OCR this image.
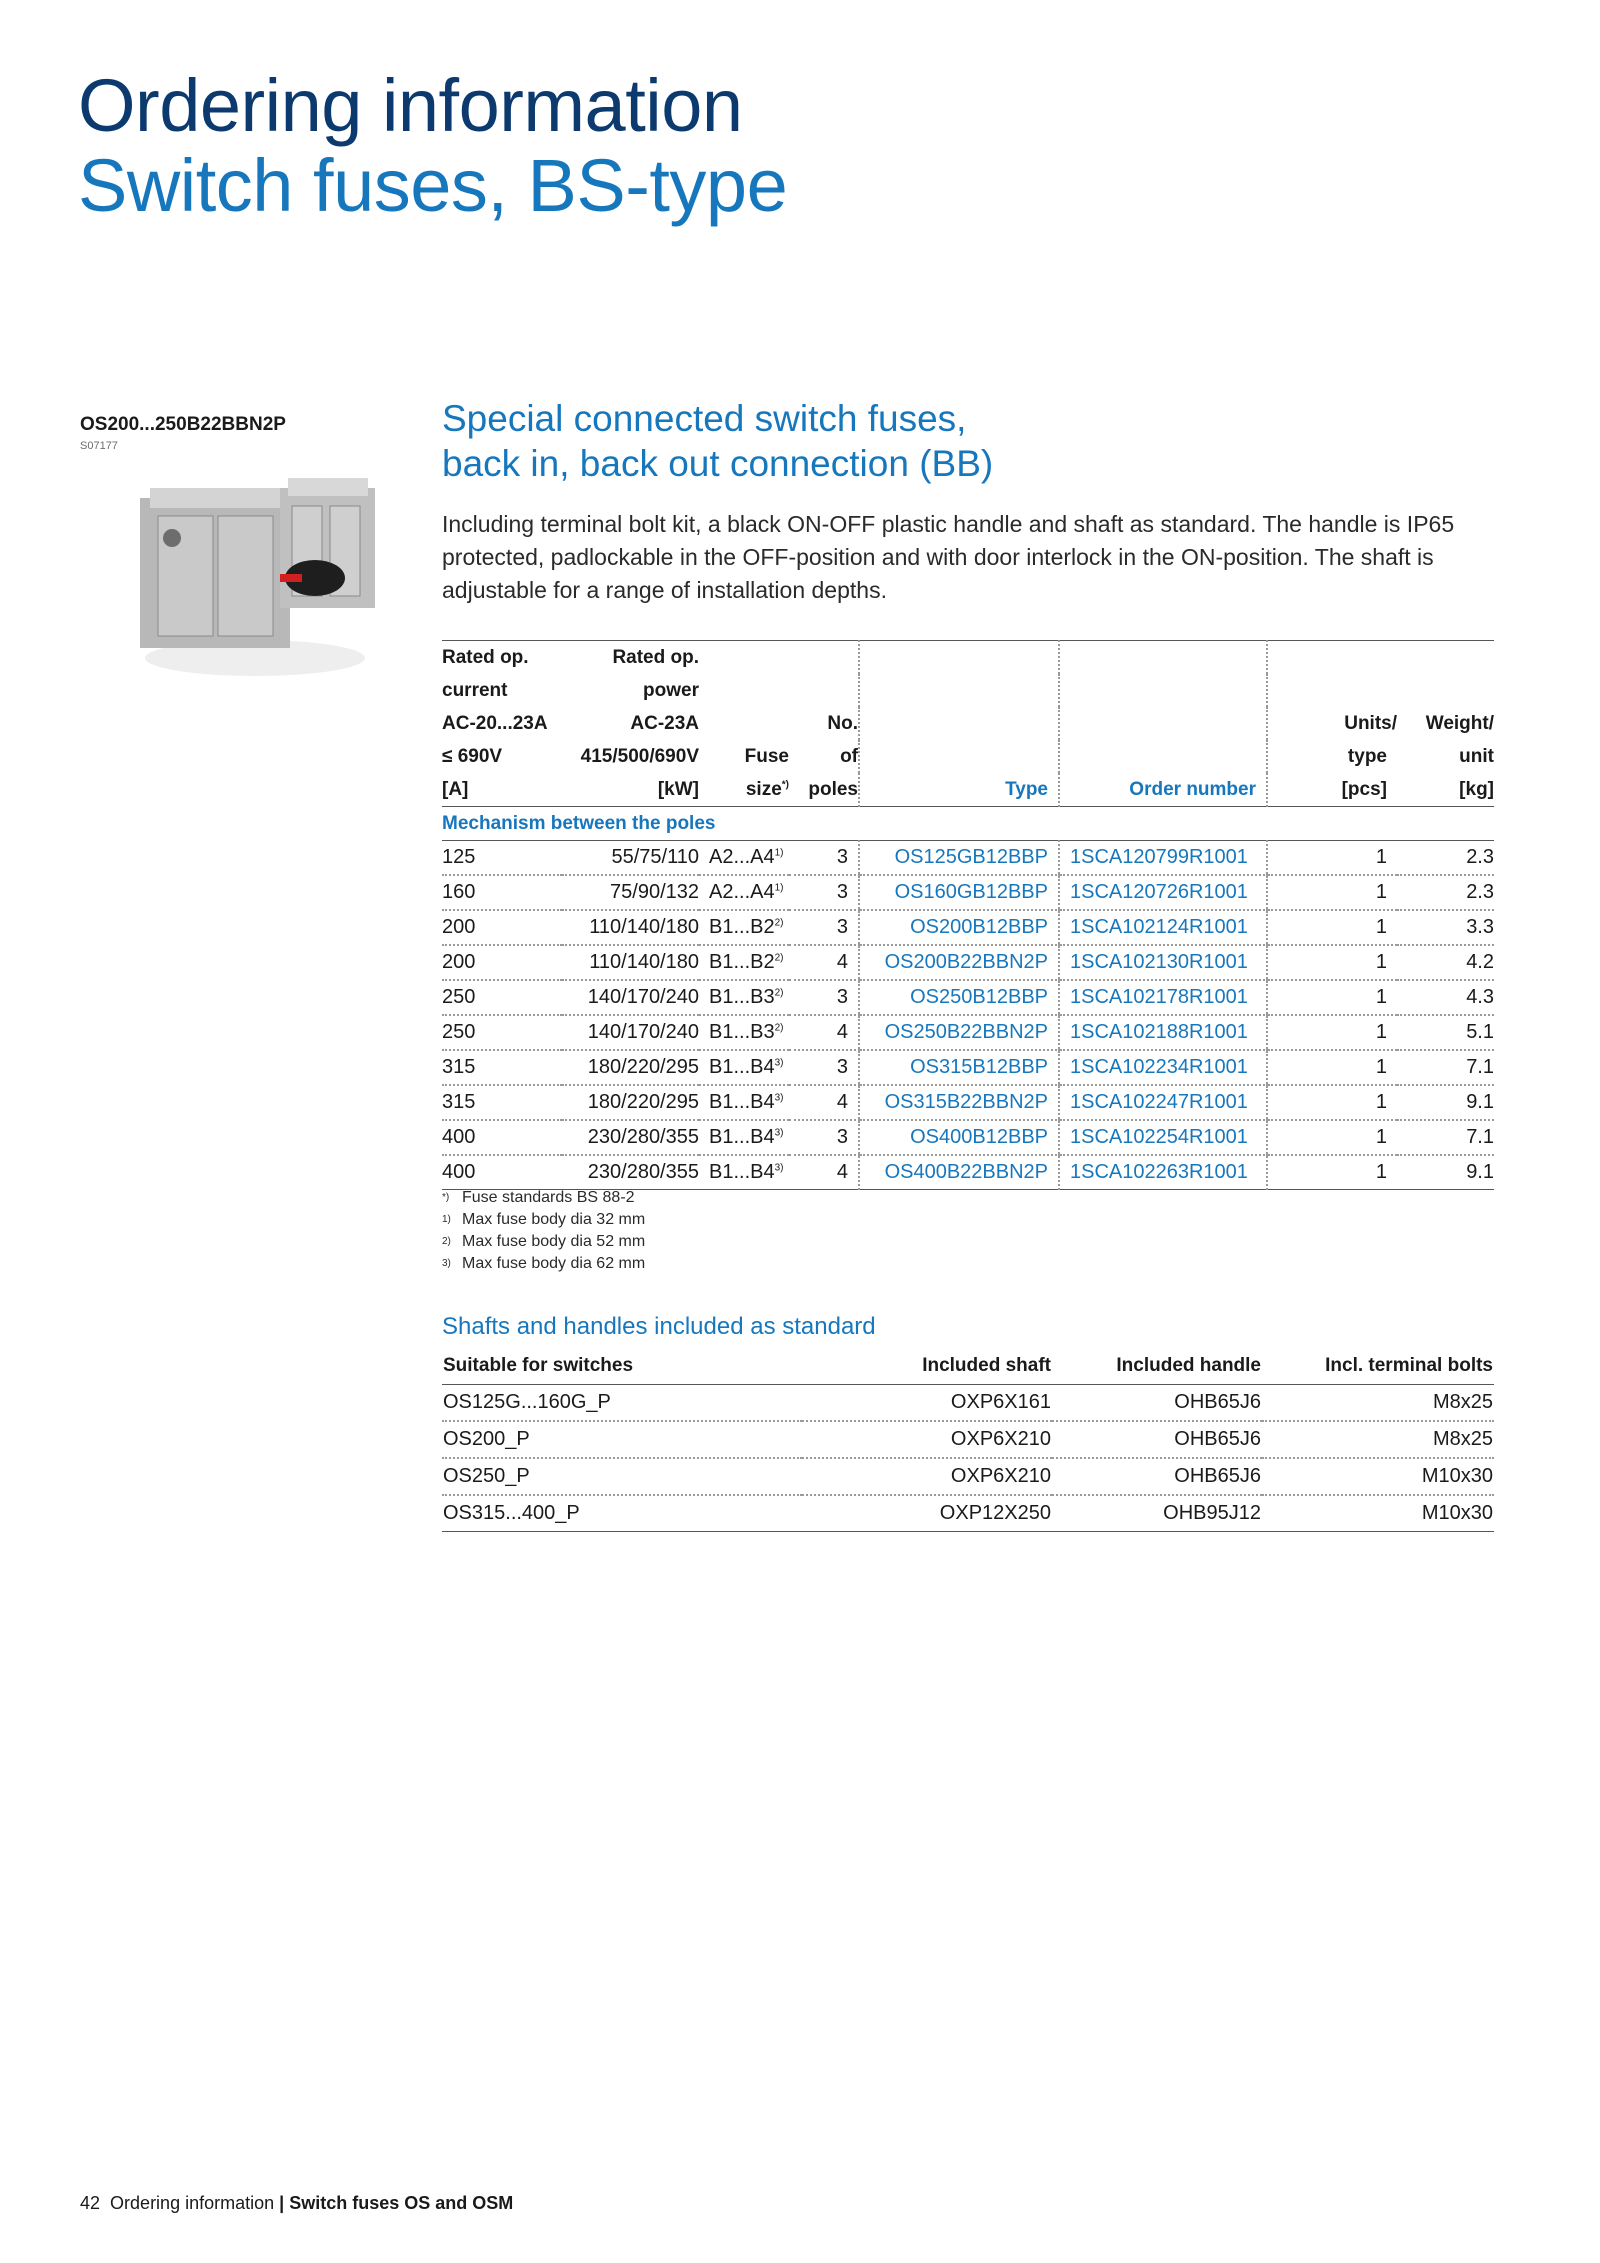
Ordering information
Switch fuses, BS-type
OS200...250B22BBN2P
S07177
Special connected switch fuses,
back in, back out connection (BB)

Including terminal bolt kit, a black ON-OFF plastic handle and shaft as standard. The handle is IP65 protected, padlockable in the OFF-position and with door interlock in the ON-position. The shaft is adjustable for a range of installation depths.

Rated op.	Rated op.						
current	power						
AC-20...23A	AC-23A		No.			Units/	Weight/
≤ 690V	415/500/690V	Fuse	of			type	unit
[A]	[kW]	size*)	poles	Type	Order number	[pcs]	[kg]
Mechanism between the poles							
125	55/75/110	A2...A4$^{1)}$	3	OS125GB12BBP	1SCA120799R1001	1	2.3
160	75/90/132	A2...A4$^{1)}$	3	OS160GB12BBP	1SCA120726R1001	1	2.3
200	110/140/180	B1...B2$^{2)}$	3	OS200B12BBP	1SCA102124R1001	1	3.3
200	110/140/180	B1...B2$^{2)}$	4	OS200B22BBN2P	1SCA102130R1001	1	4.2
250	140/170/240	B1...B3$^{2)}$	3	OS250B12BBP	1SCA102178R1001	1	4.3
250	140/170/240	B1...B3$^{2)}$	4	OS250B22BBN2P	1SCA102188R1001	1	5.1
315	180/220/295	B1...B4$^{3)}$	3	OS315B12BBP	1SCA102234R1001	1	7.1
315	180/220/295	B1...B4$^{3)}$	4	OS315B22BBN2P	1SCA102247R1001	1	9.1
400	230/280/355	B1...B4$^{3)}$	3	OS400B12BBP	1SCA102254R1001	1	7.1
400	230/280/355	B1...B4$^{3)}$	4	OS400B22BBN2P	1SCA102263R1001	1	9.1
*) Fuse standards BS 88-2
1) Max fuse body dia 32 mm
2) Max fuse body dia 52 mm
3) Max fuse body dia 62 mm
Shafts and handles included as standard
Suitable for switches	Included shaft	Included handle	Incl. terminal bolts
OS125G...160G_P	OXP6X161	OHB65J6	M8x25
OS200_P	OXP6X210	OHB65J6	M8x25
OS250_P	OXP6X210	OHB65J6	M10x30
OS315...400_P	OXP12X250	OHB95J12	M10x30
42 Ordering information | Switch fuses OS and OSM
